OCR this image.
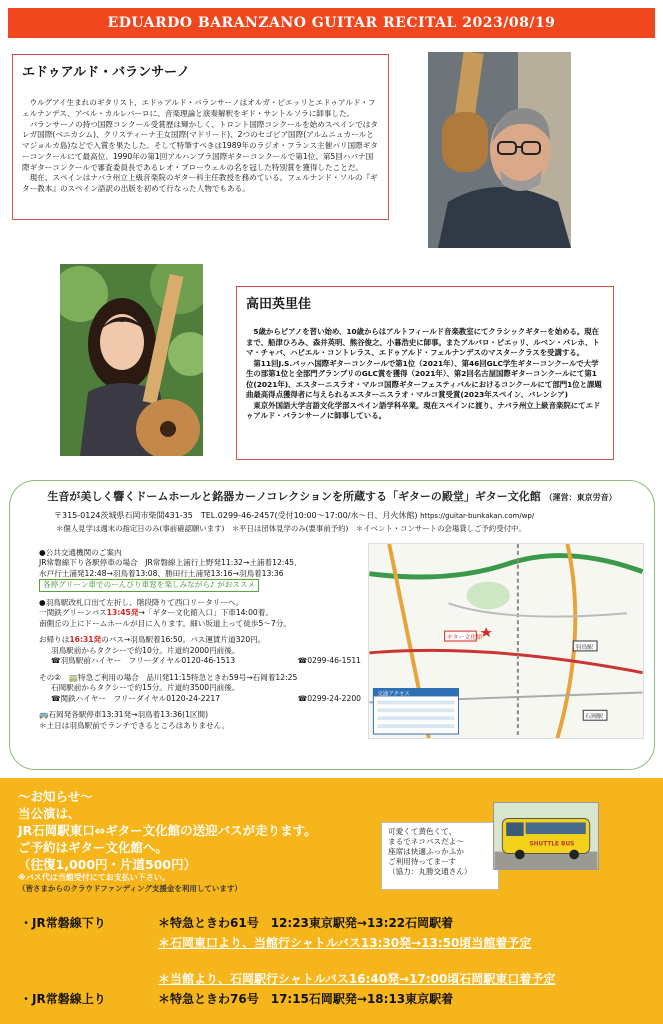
EDUARDO BARANZANO GUITAR RECITAL 2023/08/19
エドゥアルド・バランサーノ

ウルグアイ生まれのギタリスト、エドゥアルド・バランサーノはオルガ・ピエッリとエドゥアルド・フェルナンデス、アベル・カルレバーロに、音楽理論と演奏解釈をギド・サントルソラに師事した。

バランサーノの持つ国際コンクール受賞歴は輝かしく、トロント国際コンクールを始めスペインではタレガ国際(ベニカシム)、クリスティーナ王女国際(マドリード)、2つのセゴビア国際(アルムニュカールとマジョルカ島)などで入賞を果たした。そして特筆すべきは1989年のラジオ・フランス主催パリ国際ギターコンクールにて最高位、1990年の第1回アルハンブラ国際ギターコンクールで第1位、第5回ハバナ国際ギターコンクールで審査委員長であるレオ・ブローウェルの名を冠した特別賞を獲得したことだ。

現在、スペインはナバラ州立上級音楽院のギター科主任教授を務めている。フェルナンド・ソルの『ギター教本』のスペイン語訳の出版を初めて行なった人物でもある。

高田英里佳

5歳からピアノを習い始め、10歳からはアルトフィールド音楽教室にてクラシックギターを始める。現在まで、船津ひろみ、森井英明、熊谷俊之、小暮浩史に師事。またアルバロ・ピエッリ、ルベン・パレホ、トマ・チャバ、ハビエル・コントレラス、エドゥアルド・フェルナンデスのマスタークラスを受講する。

第11回J.S.バッハ国際ギターコンクールで第1位（2021年）、第46回GLC学生ギターコンクールで大学生の部第1位と全部門グランプリのGLC賞を獲得（2021年）、第2回名古屋国際ギターコンクールにて第1位(2021年)、エスターニスラオ・マルコ国際ギターフェスティバルにおけるコンクールにて部門1位と課題曲最高得点獲得者に与えられるエスターニスラオ・マルコ賞受賞(2023年スペイン、バレンシア)

東京外国語大学言語文化学部スペイン語学科卒業。現在スペインに渡り、ナバラ州立上級音楽院にてエドゥアルド・バランサーノに師事している。

生音が美しく響くドームホールと銘器カーノコレクションを所蔵する「ギターの殿堂」ギター文化館 （運営：東京労音）
〒315-0124茨城県石岡市柴間431-35　TEL.0299-46-2457(受付10:00～17:00/水～日、月火休館) https://guitar-bunkakan.com/wp/
＊個人見学は週末の指定日のみ(事前確認願います)　＊平日は団体見学のみ(要事前予約)　＊イベント・コンサートの会場貸しご予約受付中。
●公共交通機関のご案内
JR常磐線下り各駅停車の場合　JR常磐線上浦行上野発11:32→土浦着12:45、
水戸行土浦発12:48→羽鳥着13:08、勝田行土浦発13:16→羽鳥着13:36
各停グリーン車でのーんびり車窓を楽しみながら♪ がおススメ
●羽鳥駅改札口出て左折し、階段降りて西口リータリーへ。
一関鉄グリーンバス13:45発→「ギター文化館入口」下車14:00着。
南側丘の上にドームホールが目に入ります。細い坂道上って徒歩5～7分。
お帰りは16:31発のバス→羽鳥駅着16:50。バス運賃片道320円。
羽鳥駅前からタクシーで約10分。片道約2000円前後。
☎羽鳥駅前ハイヤー　フリーダイヤル0120-46-1513	☎0299-46-1511
その②　🚃特急ご利用の場合　品川発11:15特急ときわ59号→石岡着12:25
石岡駅前からタクシーで約15分。片道約3500円前後。
☎関鉄ハイヤー　フリーダイヤル0120-24-2217	☎0299-24-2200
🚌石岡発各駅停車13:31発→羽鳥着13:36(1区間)
＊土日は羽鳥駅前でランチできるところはありません。
ギター文化館
羽鳥駅
石岡駅
交通アクセス
～お知らせ～
当公演は、
JR石岡駅東口⇔ギター文化館の送迎バスが走ります。
ご予約はギター文化館へ。
（往復1,000円・片道500円）
※バス代は当館受付にてお支払い下さい。
（皆さまからのクラウドファンディング支援金を利用しています）
可愛くて黄色くて、
まるでネコバスだよ～
座席は快適ふっかふか
ご利用待ってまーす
（協力：丸勝交通さん）
SHUTTLE BUS
・JR常磐線下り	＊特急ときわ61号　12:23東京駅発→13:22石岡駅着
＊石岡東口より、当館行シャトルバス13:30発→13:50頃当館着予定
＊当館より、石岡駅行シャトルバス16:40発→17:00頃石岡駅東口着予定
・JR常磐線上り	＊特急ときわ76号　17:15石岡駅発→18:13東京駅着
